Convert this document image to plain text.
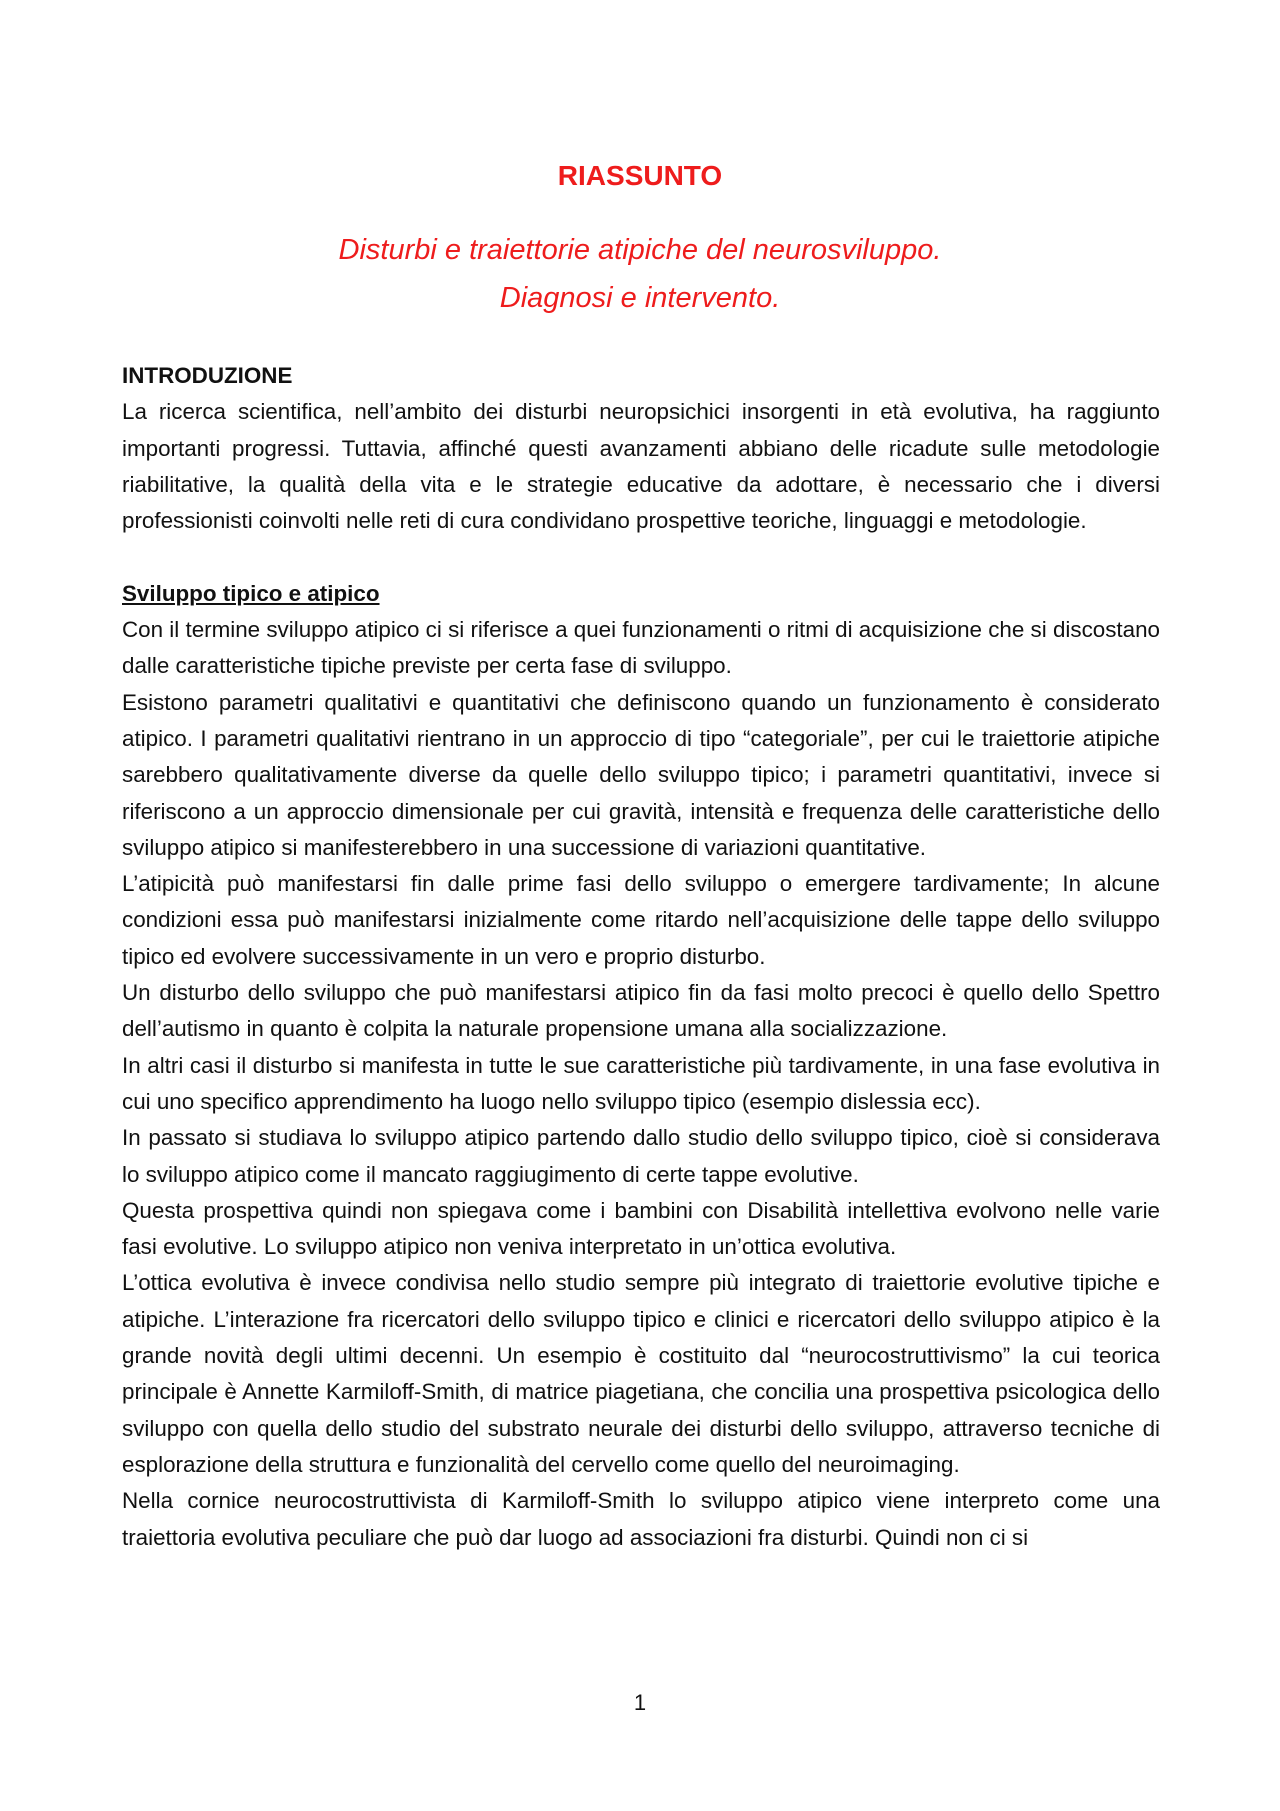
RIASSUNTO
Disturbi e traiettorie atipiche del neurosviluppo.
Diagnosi e intervento.
INTRODUZIONE

La ricerca scientifica, nell’ambito dei disturbi neuropsichici insorgenti in età evolutiva, ha raggiunto importanti progressi. Tuttavia, affinché questi avanzamenti abbiano delle ricadute sulle metodologie riabilitative, la qualità della vita e le strategie educative da adottare, è necessario che i diversi professionisti coinvolti nelle reti di cura condividano prospettive teoriche, linguaggi e metodologie.

Sviluppo tipico e atipico

Con il termine sviluppo atipico ci si riferisce a quei funzionamenti o ritmi di acquisizione che si discostano dalle caratteristiche tipiche previste per certa fase di sviluppo.

Esistono parametri qualitativi e quantitativi che definiscono quando un funzionamento è considerato atipico. I parametri qualitativi rientrano in un approccio di tipo “categoriale”, per cui le traiettorie atipiche sarebbero qualitativamente diverse da quelle dello sviluppo tipico; i parametri quantitativi, invece si riferiscono a un approccio dimensionale per cui gravità, intensità e frequenza delle caratteristiche dello sviluppo atipico si manifesterebbero in una successione di variazioni quantitative.

L’atipicità può manifestarsi fin dalle prime fasi dello sviluppo o emergere tardivamente; In alcune condizioni essa può manifestarsi inizialmente come ritardo nell’acquisizione delle tappe dello sviluppo tipico ed evolvere successivamente in un vero e proprio disturbo.

Un disturbo dello sviluppo che può manifestarsi atipico fin da fasi molto precoci è quello dello Spettro dell’autismo in quanto è colpita la naturale propensione umana alla socializzazione.

In altri casi il disturbo si manifesta in tutte le sue caratteristiche più tardivamente, in una fase evolutiva in cui uno specifico apprendimento ha luogo nello sviluppo tipico (esempio dislessia ecc).

In passato si studiava lo sviluppo atipico partendo dallo studio dello sviluppo tipico, cioè si considerava lo sviluppo atipico come il mancato raggiugimento di certe tappe evolutive.

Questa prospettiva quindi non spiegava come i bambini con Disabilità intellettiva evolvono nelle varie fasi evolutive. Lo sviluppo atipico non veniva interpretato in un’ottica evolutiva.

L’ottica evolutiva è invece condivisa nello studio sempre più integrato di traiettorie evolutive tipiche e atipiche. L’interazione fra ricercatori dello sviluppo tipico e clinici e ricercatori dello sviluppo atipico è la grande novità degli ultimi decenni. Un esempio è costituito dal “neurocostruttivismo” la cui teorica principale è Annette Karmiloff-Smith, di matrice piagetiana, che concilia una prospettiva psicologica dello sviluppo con quella dello studio del substrato neurale dei disturbi dello sviluppo, attraverso tecniche di esplorazione della struttura e funzionalità del cervello come quello del neuroimaging.

Nella cornice neurocostruttivista di Karmiloff-Smith lo sviluppo atipico viene interpreto come una traiettoria evolutiva peculiare che può dar luogo ad associazioni fra disturbi. Quindi non ci si

1
